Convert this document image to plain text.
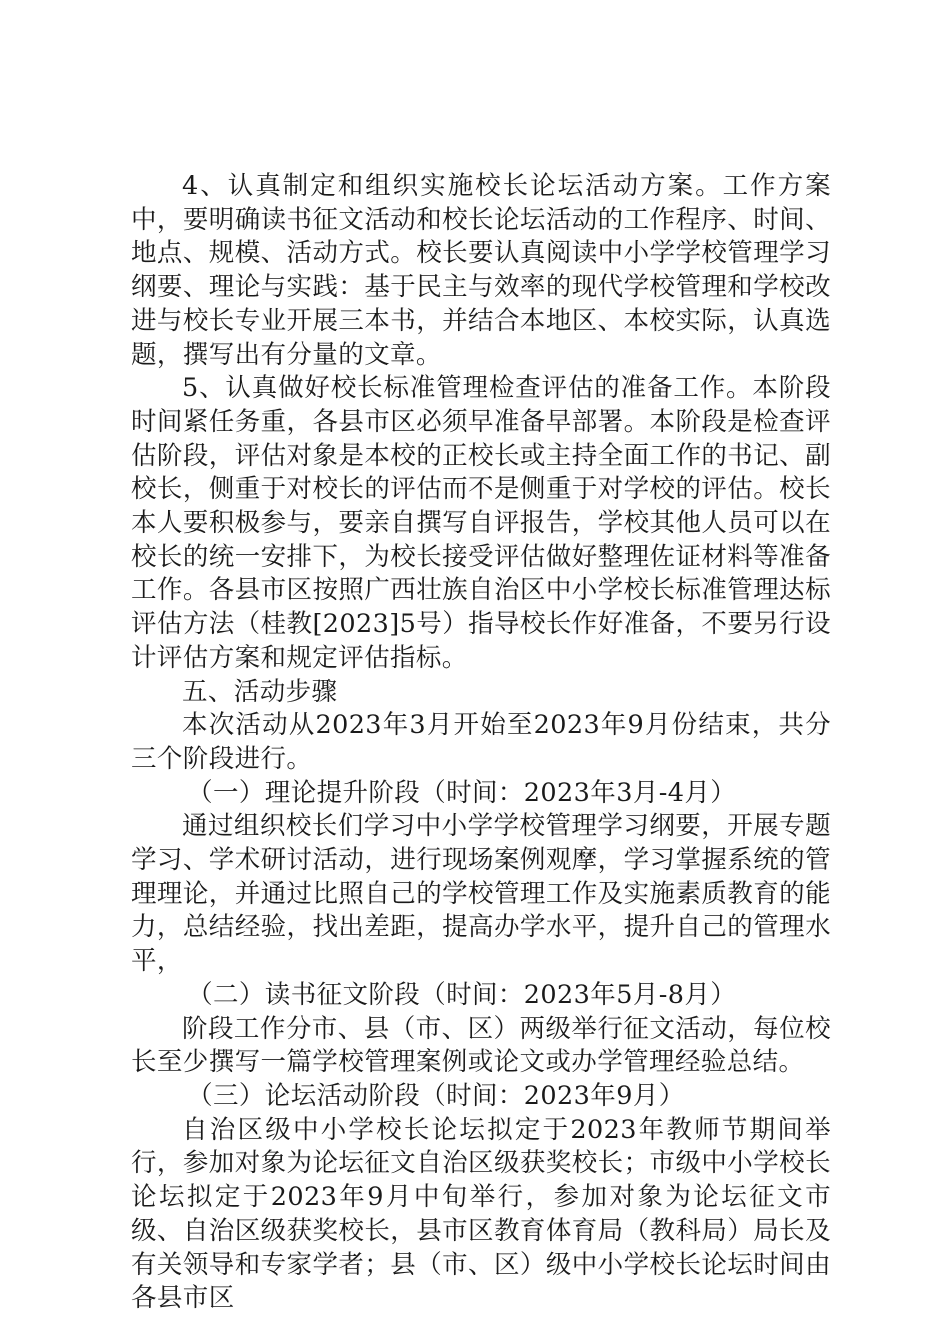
4、认真制定和组织实施校长论坛活动方案。工作方案中，要明确读书征文活动和校长论坛活动的工作程序、时间、地点、规模、活动方式。校长要认真阅读中小学学校管理学习纲要、理论与实践：基于民主与效率的现代学校管理和学校改进与校长专业开展三本书，并结合本地区、本校实际，认真选题，撰写出有分量的文章。

5、认真做好校长标准管理检查评估的准备工作。本阶段时间紧任务重，各县市区必须早准备早部署。本阶段是检查评估阶段，评估对象是本校的正校长或主持全面工作的书记、副校长，侧重于对校长的评估而不是侧重于对学校的评估。校长本人要积极参与，要亲自撰写自评报告，学校其他人员可以在校长的统一安排下，为校长接受评估做好整理佐证材料等准备工作。各县市区按照广西壮族自治区中小学校长标准管理达标评估方法（桂教[2023]5号）指导校长作好准备，不要另行设计评估方案和规定评估指标。

五、活动步骤

本次活动从2023年3月开始至2023年9月份结束，共分三个阶段进行。

（一）理论提升阶段（时间：2023年3月-4月）

通过组织校长们学习中小学学校管理学习纲要，开展专题学习、学术研讨活动，进行现场案例观摩，学习掌握系统的管理理论，并通过比照自己的学校管理工作及实施素质教育的能力，总结经验，找出差距，提高办学水平，提升自己的管理水平，

（二）读书征文阶段（时间：2023年5月-8月）

阶段工作分市、县（市、区）两级举行征文活动，每位校长至少撰写一篇学校管理案例或论文或办学管理经验总结。

（三）论坛活动阶段（时间：2023年9月）

自治区级中小学校长论坛拟定于2023年教师节期间举行，参加对象为论坛征文自治区级获奖校长；市级中小学校长论坛拟定于2023年9月中旬举行，参加对象为论坛征文市级、自治区级获奖校长，县市区教育体育局（教科局）局长及有关领导和专家学者；县（市、区）级中小学校长论坛时间由各县市区
